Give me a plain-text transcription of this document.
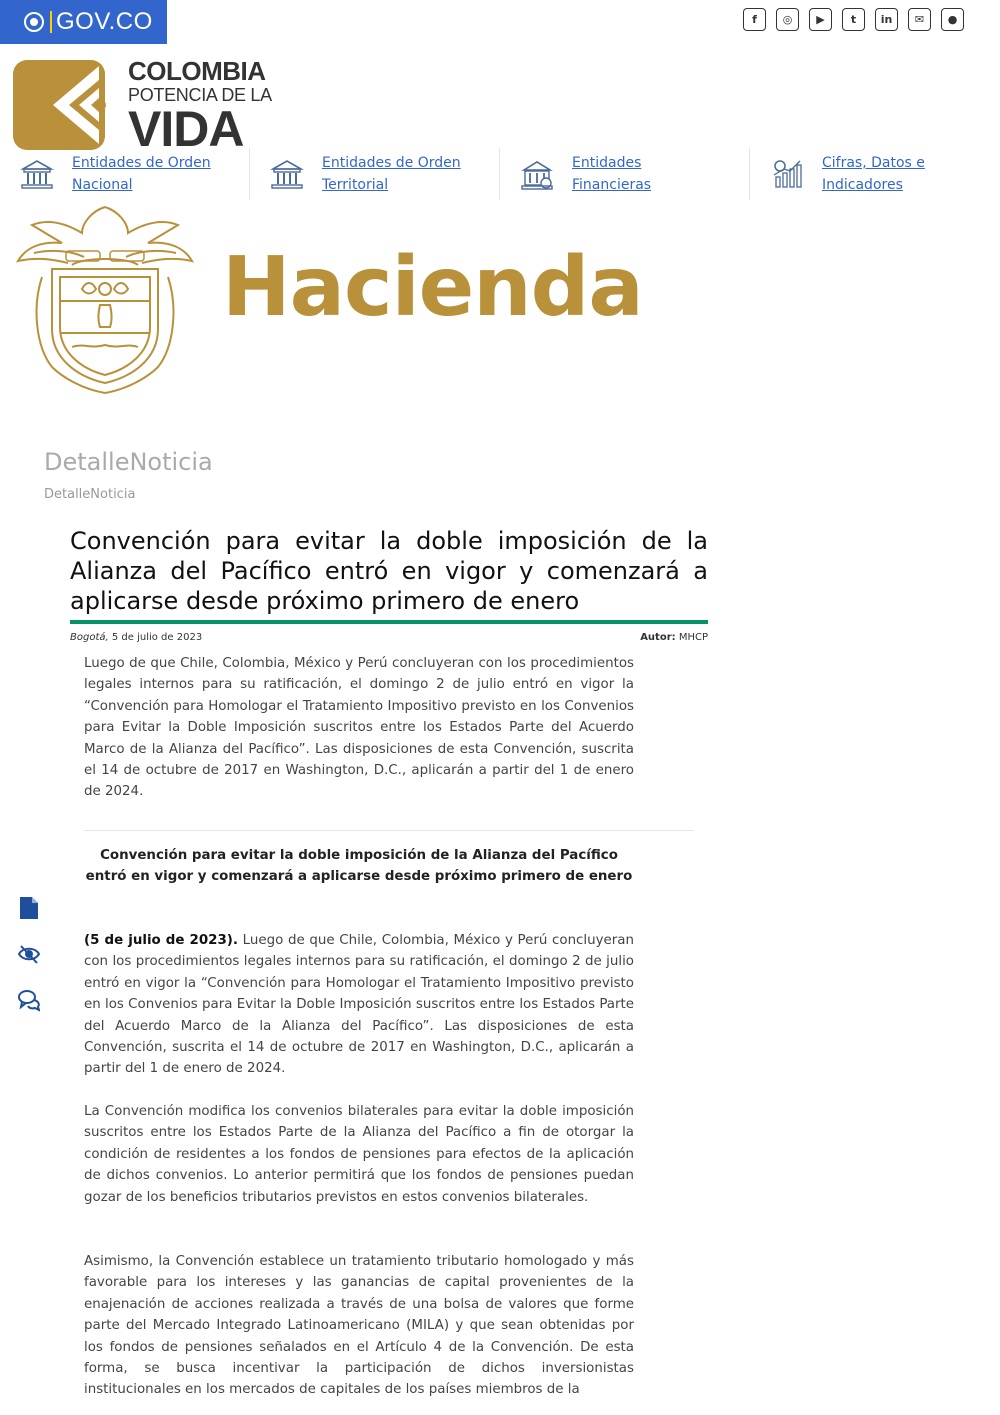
GOV.CO	f	◎	▶	t	in	✉	●
COLOMBIA
POTENCIA DE LA
VIDA
Entidades de Orden Nacional
Entidades de Orden Territorial
Entidades Financieras
Cifras, Datos e Indicadores
Hacienda
DetalleNoticia
DetalleNoticia
Convención para evitar la doble imposición de la Alianza del Pacífico entró en vigor y comenzará a aplicarse desde próximo primero de enero
Bogotá, 5 de julio de 2023	Autor: MHCP

Luego de que Chile, Colombia, México y Perú concluyeran con los procedimientos legales internos para su ratificación, el domingo 2 de julio entró en vigor la “Convención para Homologar el Tratamiento Impositivo previsto en los Convenios para Evitar la Doble Imposición suscritos entre los Estados Parte del Acuerdo Marco de la Alianza del Pacífico”. Las disposiciones de esta Convención, suscrita el 14 de octubre de 2017 en Washington, D.C., aplicarán a partir del 1 de enero de 2024.

Convención para evitar la doble imposición de la Alianza del Pacífico entró en vigor y comenzará a aplicarse desde próximo primero de enero

(5 de julio de 2023). Luego de que Chile, Colombia, México y Perú concluyeran con los procedimientos legales internos para su ratificación, el domingo 2 de julio entró en vigor la “Convención para Homologar el Tratamiento Impositivo previsto en los Convenios para Evitar la Doble Imposición suscritos entre los Estados Parte del Acuerdo Marco de la Alianza del Pacífico”. Las disposiciones de esta Convención, suscrita el 14 de octubre de 2017 en Washington, D.C., aplicarán a partir del 1 de enero de 2024.

La Convención modifica los convenios bilaterales para evitar la doble imposición suscritos entre los Estados Parte de la Alianza del Pacífico a fin de otorgar la condición de residentes a los fondos de pensiones para efectos de la aplicación de dichos convenios. Lo anterior permitirá que los fondos de pensiones puedan gozar de los beneficios tributarios previstos en estos convenios bilaterales.

Asimismo, la Convención establece un tratamiento tributario homologado y más favorable para los intereses y las ganancias de capital provenientes de la enajenación de acciones realizada a través de una bolsa de valores que forme parte del Mercado Integrado Latinoamericano (MILA) y que sean obtenidas por los fondos de pensiones señalados en el Artículo 4 de la Convención. De esta forma, se busca incentivar la participación de dichos inversionistas institucionales en los mercados de capitales de los países miembros de la
